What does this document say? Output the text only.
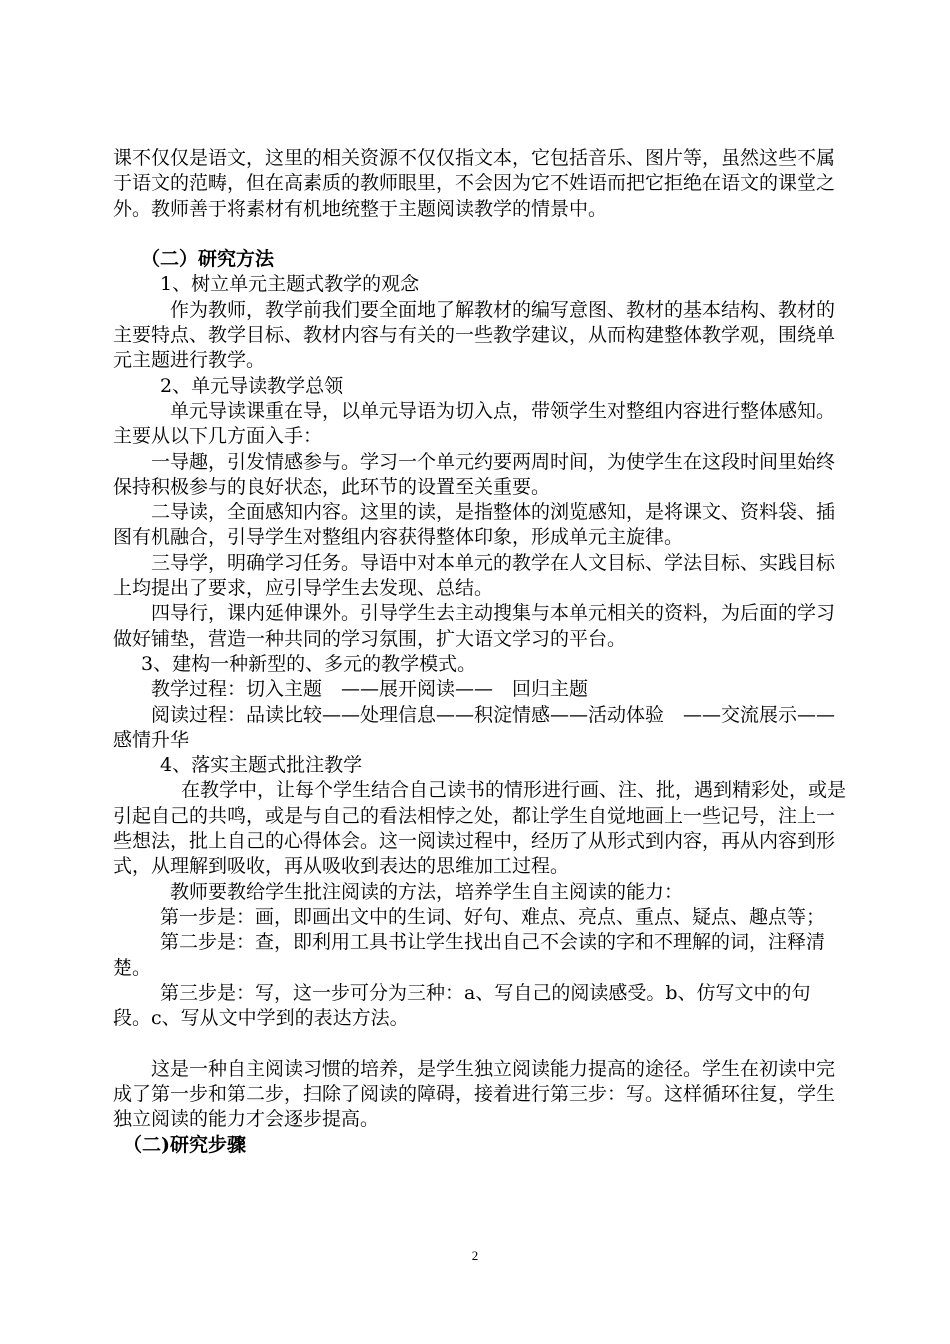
课不仅仅是语文，这里的相关资源不仅仅指文本，它包括音乐、图片等，虽然这些不属于语文的范畴，但在高素质的教师眼里，不会因为它不姓语而把它拒绝在语文的课堂之外。教师善于将素材有机地统整于主题阅读教学的情景中。

（二）研究方法

1、树立单元主题式教学的观念

作为教师，教学前我们要全面地了解教材的编写意图、教材的基本结构、教材的主要特点、教学目标、教材内容与有关的一些教学建议，从而构建整体教学观，围绕单元主题进行教学。

2、单元导读教学总领

单元导读课重在导，以单元导语为切入点，带领学生对整组内容进行整体感知。主要从以下几方面入手：

一导趣，引发情感参与。学习一个单元约要两周时间，为使学生在这段时间里始终保持积极参与的良好状态，此环节的设置至关重要。

二导读，全面感知内容。这里的读，是指整体的浏览感知，是将课文、资料袋、插图有机融合，引导学生对整组内容获得整体印象，形成单元主旋律。

三导学，明确学习任务。导语中对本单元的教学在人文目标、学法目标、实践目标上均提出了要求，应引导学生去发现、总结。

四导行，课内延伸课外。引导学生去主动搜集与本单元相关的资料，为后面的学习做好铺垫，营造一种共同的学习氛围，扩大语文学习的平台。

3、建构一种新型的、多元的教学模式。

教学过程：切入主题　——展开阅读——　回归主题

阅读过程：品读比较——处理信息——积淀情感——活动体验　——交流展示——感情升华

4、落实主题式批注教学

在教学中，让每个学生结合自己读书的情形进行画、注、批，遇到精彩处，或是引起自己的共鸣，或是与自己的看法相悖之处，都让学生自觉地画上一些记号，注上一些想法，批上自己的心得体会。这一阅读过程中，经历了从形式到内容，再从内容到形式，从理解到吸收，再从吸收到表达的思维加工过程。

教师要教给学生批注阅读的方法，培养学生自主阅读的能力：

第一步是：画，即画出文中的生词、好句、难点、亮点、重点、疑点、趣点等；

第二步是：查，即利用工具书让学生找出自己不会读的字和不理解的词，注释清楚。

第三步是：写，这一步可分为三种：a、写自己的阅读感受。b、仿写文中的句段。c、写从文中学到的表达方法。

这是一种自主阅读习惯的培养，是学生独立阅读能力提高的途径。学生在初读中完成了第一步和第二步，扫除了阅读的障碍，接着进行第三步：写。这样循环往复，学生独立阅读的能力才会逐步提高。

（二)研究步骤

2
